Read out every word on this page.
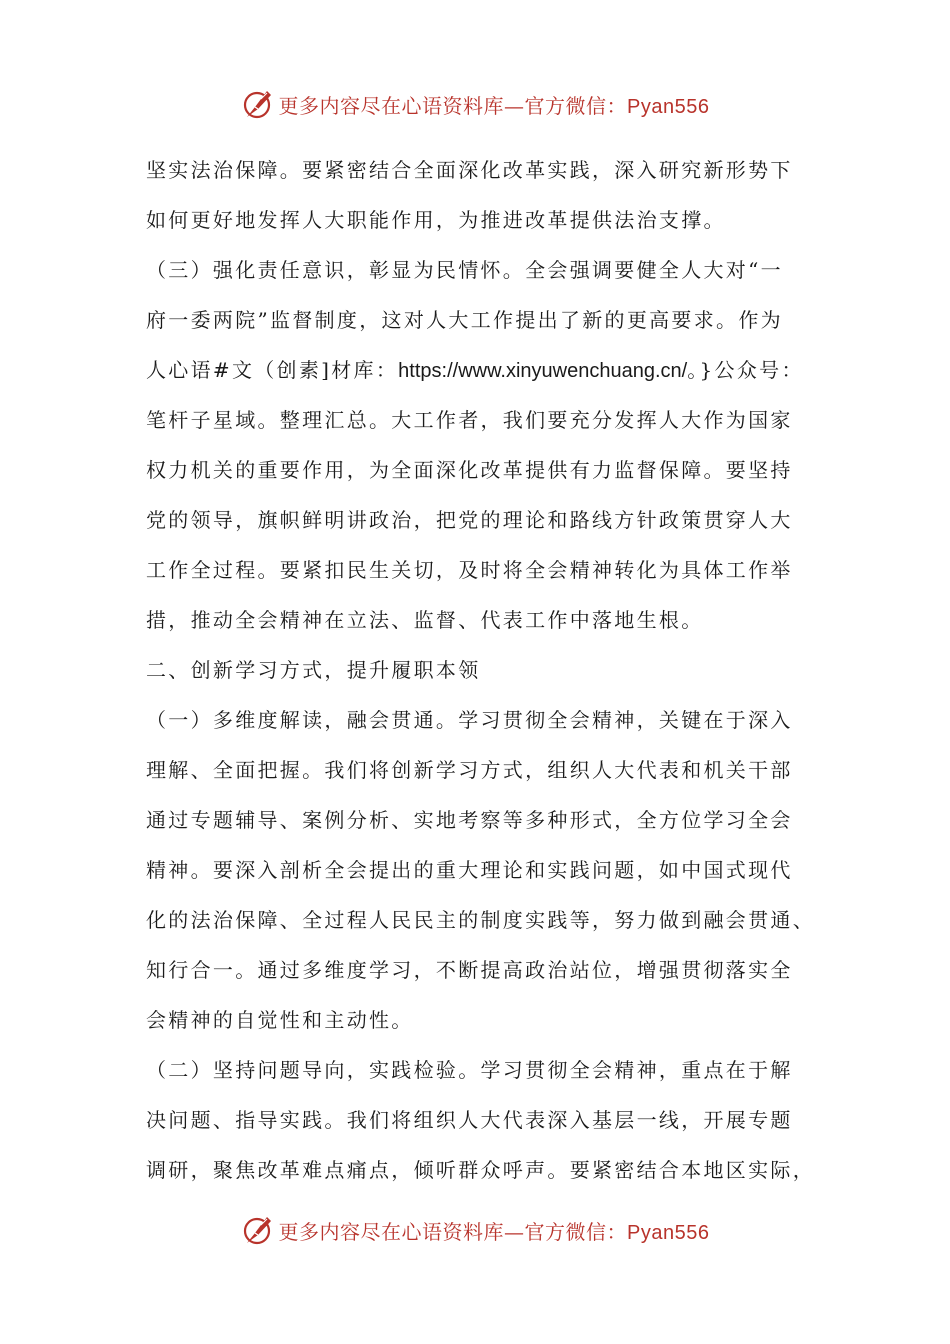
更多内容尽在心语资料库—官方微信：Pyan556
坚实法治保障。要紧密结合全面深化改革实践，深入研究新形势下
如何更好地发挥人大职能作用，为推进改革提供法治支撑。
（三）强化责任意识，彰显为民情怀。全会强调要健全人大对“一
府一委两院”监督制度，这对人大工作提出了新的更高要求。作为
人心语#文（创素]材库：https://www.xinyuwenchuang.cn/。}公众号：
笔杆子星域。整理汇总。大工作者，我们要充分发挥人大作为国家
权力机关的重要作用，为全面深化改革提供有力监督保障。要坚持
党的领导，旗帜鲜明讲政治，把党的理论和路线方针政策贯穿人大
工作全过程。要紧扣民生关切，及时将全会精神转化为具体工作举
措，推动全会精神在立法、监督、代表工作中落地生根。
二、创新学习方式，提升履职本领
（一）多维度解读，融会贯通。学习贯彻全会精神，关键在于深入
理解、全面把握。我们将创新学习方式，组织人大代表和机关干部
通过专题辅导、案例分析、实地考察等多种形式，全方位学习全会
精神。要深入剖析全会提出的重大理论和实践问题，如中国式现代
化的法治保障、全过程人民民主的制度实践等，努力做到融会贯通、
知行合一。通过多维度学习，不断提高政治站位，增强贯彻落实全
会精神的自觉性和主动性。
（二）坚持问题导向，实践检验。学习贯彻全会精神，重点在于解
决问题、指导实践。我们将组织人大代表深入基层一线，开展专题
调研，聚焦改革难点痛点，倾听群众呼声。要紧密结合本地区实际，
更多内容尽在心语资料库—官方微信：Pyan556
